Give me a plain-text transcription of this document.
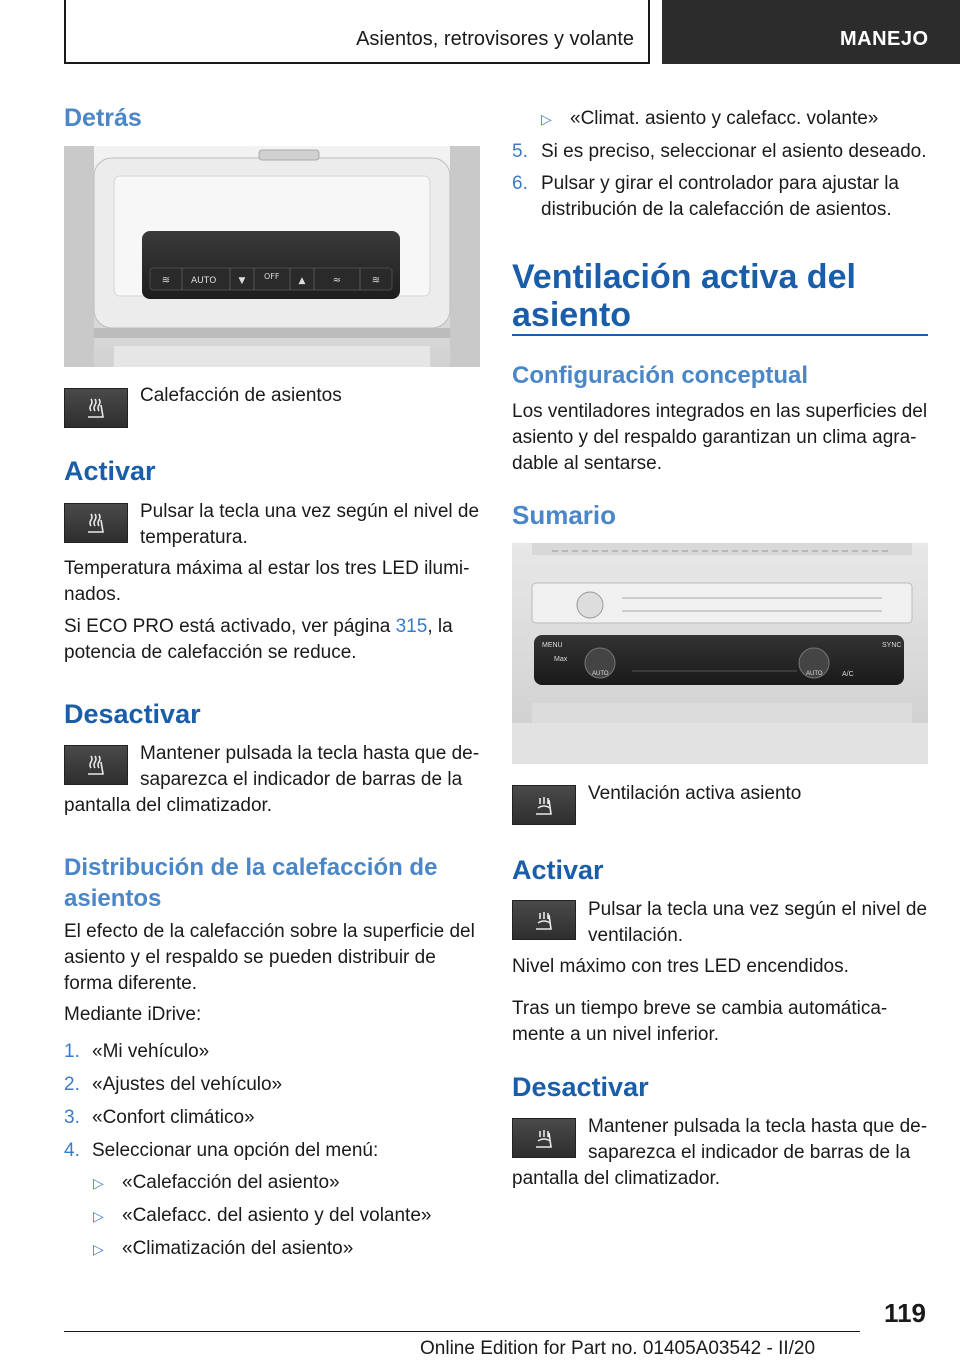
Asientos, retrovisores y volante	MANEJO
Detrás
≋	▼	▲	≈	≋
AUTO	OFF
Calefacción de asientos
Activar
Pulsar la tecla una vez según el nivel de temperatura.
Temperatura máxima al estar los tres LED ilumi-nados.
Si ECO PRO está activado, ver página 315, la potencia de calefacción se reduce.
Desactivar
Mantener pulsada la tecla hasta que de-saparezca el indicador de barras de la
pantalla del climatizador.
Distribución de la calefacción de
asientos
El efecto de la calefacción sobre la superficie del asiento y el respaldo se pueden distribuir de forma diferente.
Mediante iDrive:
1. «Mi vehículo»
2. «Ajustes del vehículo»
3. «Confort climático»
4. Seleccionar una opción del menú:
▷ «Calefacción del asiento»
▷ «Calefacc. del asiento y del volante»
▷ «Climatización del asiento»
▷ «Climat. asiento y calefacc. volante»
5. Si es preciso, seleccionar el asiento deseado.
6. Pulsar y girar el controlador para ajustar la distribución de la calefacción de asientos.
Ventilación activa del
asiento
Configuración conceptual
Los ventiladores integrados en las superficies del asiento y del respaldo garantizan un clima agra-dable al sentarse.
Sumario
MENU	SYNC
Max
AUTO	AUTO	A/C
Ventilación activa asiento
Activar
Pulsar la tecla una vez según el nivel de ventilación.
Nivel máximo con tres LED encendidos.
Tras un tiempo breve se cambia automática-mente a un nivel inferior.
Desactivar
Mantener pulsada la tecla hasta que de-saparezca el indicador de barras de la
pantalla del climatizador.
119
Online Edition for Part no. 01405A03542 - II/20
